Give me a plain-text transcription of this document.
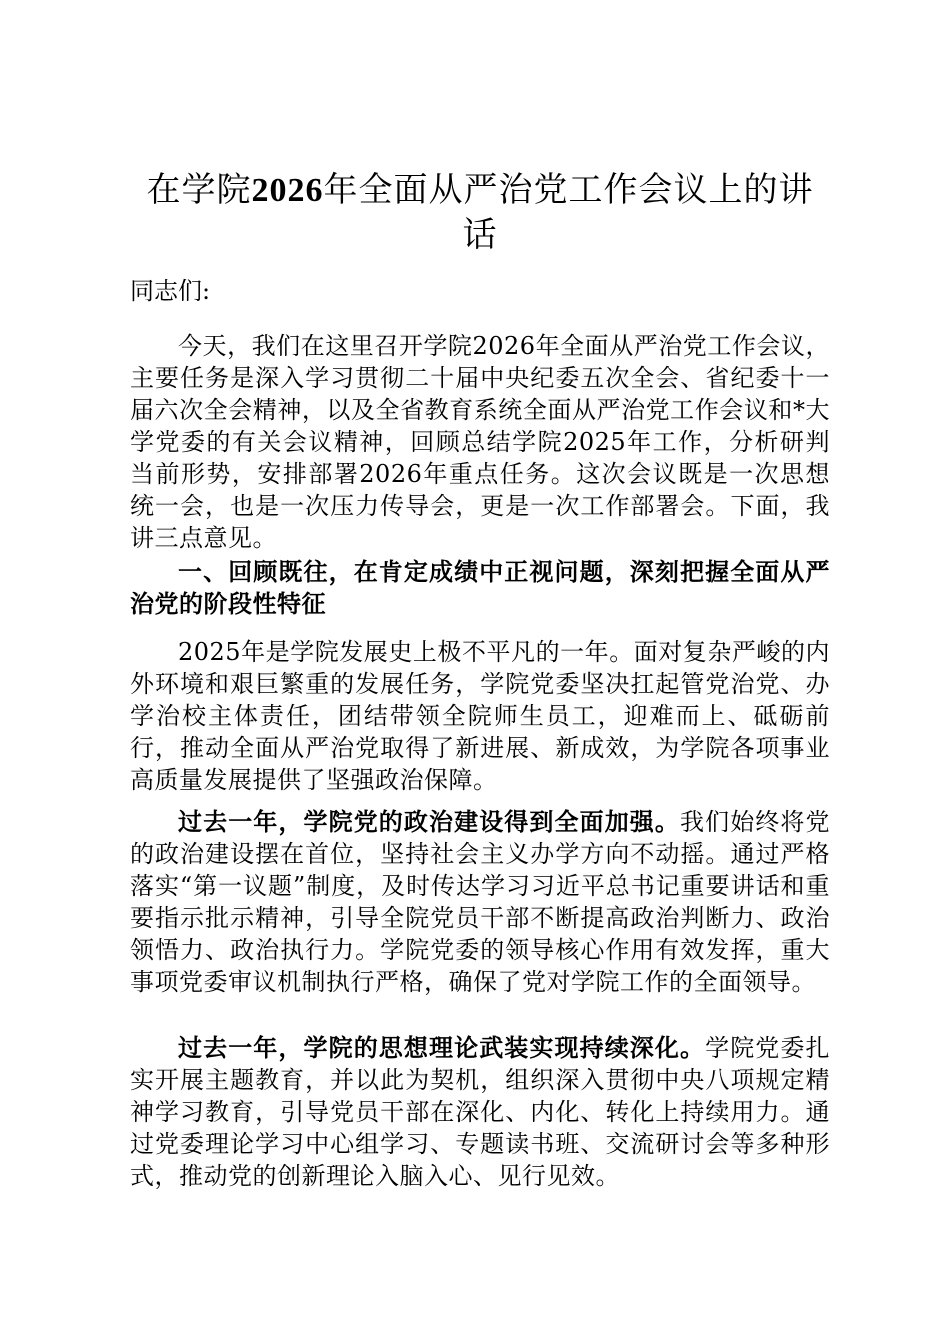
在学院2026年全面从严治党工作会议上的讲话

同志们:

今天，我们在这里召开学院2026年全面从严治党工作会议，主要任务是深入学习贯彻二十届中央纪委五次全会、省纪委十一届六次全会精神，以及全省教育系统全面从严治党工作会议和*大学党委的有关会议精神，回顾总结学院2025年工作，分析研判当前形势，安排部署2026年重点任务。这次会议既是一次思想统一会，也是一次压力传导会，更是一次工作部署会。下面，我讲三点意见。

一、回顾既往，在肯定成绩中正视问题，深刻把握全面从严治党的阶段性特征

2025年是学院发展史上极不平凡的一年。面对复杂严峻的内外环境和艰巨繁重的发展任务，学院党委坚决扛起管党治党、办学治校主体责任，团结带领全院师生员工，迎难而上、砥砺前行，推动全面从严治党取得了新进展、新成效，为学院各项事业高质量发展提供了坚强政治保障。

过去一年，学院党的政治建设得到全面加强。我们始终将党的政治建设摆在首位，坚持社会主义办学方向不动摇。通过严格落实“第一议题”制度，及时传达学习习近平总书记重要讲话和重要指示批示精神，引导全院党员干部不断提高政治判断力、政治领悟力、政治执行力。学院党委的领导核心作用有效发挥，重大事项党委审议机制执行严格，确保了党对学院工作的全面领导。

过去一年，学院的思想理论武装实现持续深化。学院党委扎实开展主题教育，并以此为契机，组织深入贯彻中央八项规定精神学习教育，引导党员干部在深化、内化、转化上持续用力。通过党委理论学习中心组学习、专题读书班、交流研讨会等多种形式，推动党的创新理论入脑入心、见行见效。
